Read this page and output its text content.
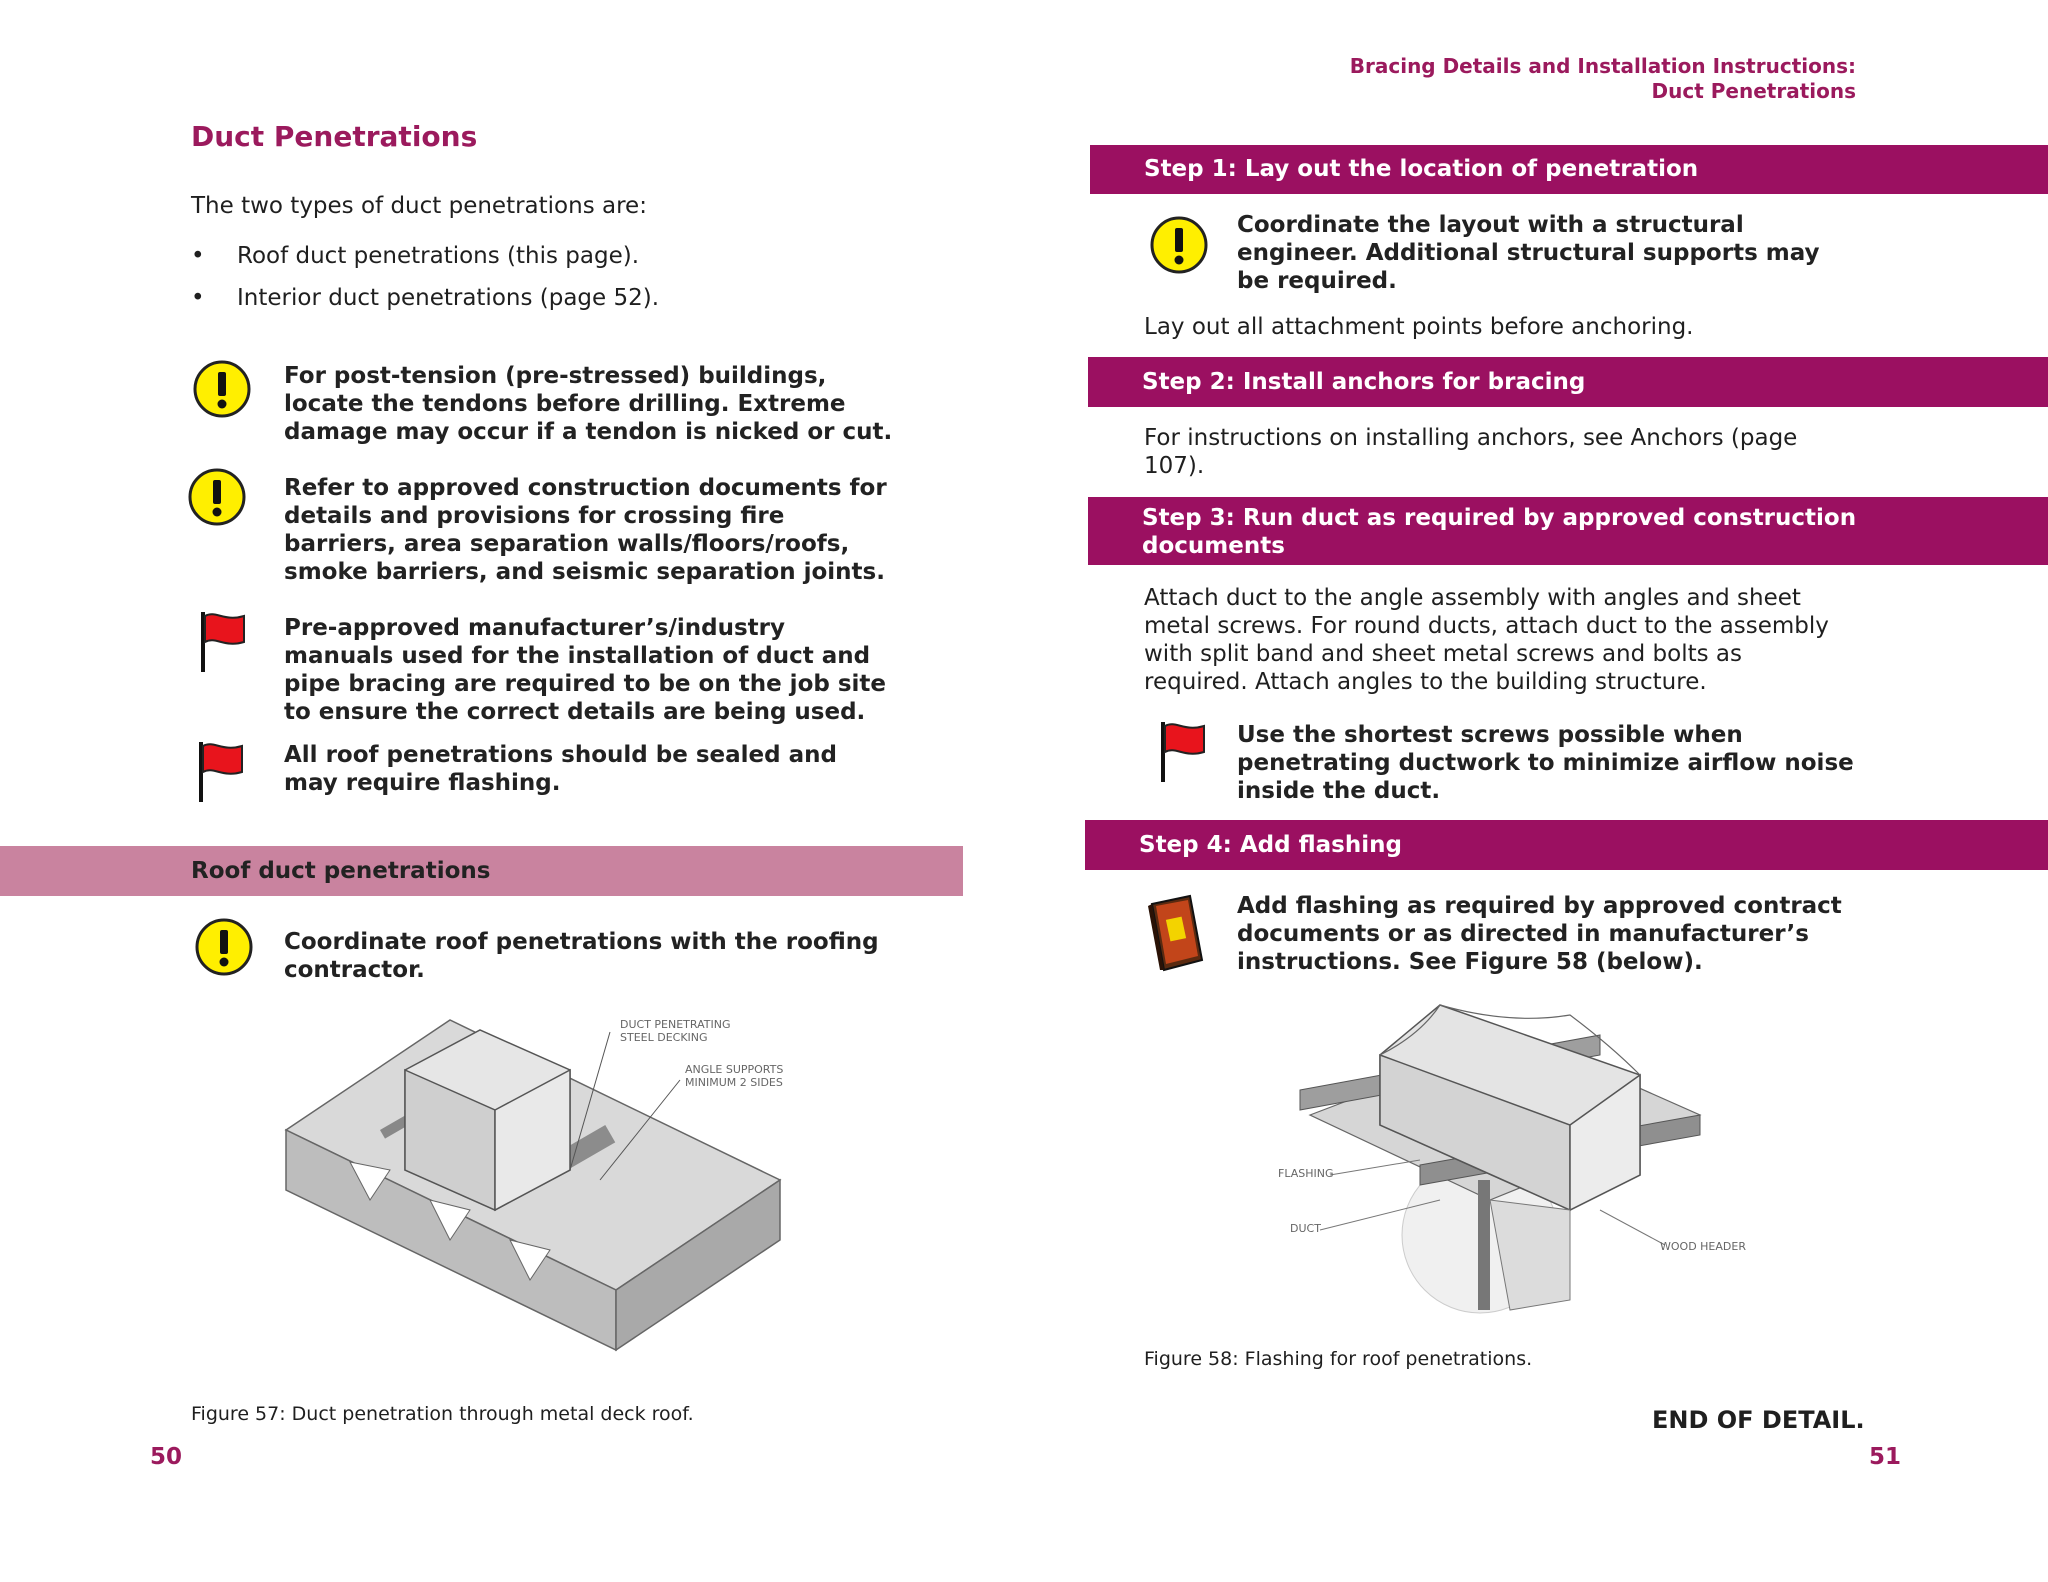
Bracing Details and Installation Instructions:
Duct Penetrations
Duct Penetrations
The two types of duct penetrations are:
• Roof duct penetrations (this page).
• Interior duct penetrations (page 52).
For post-tension (pre-stressed) buildings,
locate the tendons before drilling. Extreme
damage may occur if a tendon is nicked or cut.
Refer to approved construction documents for
details and provisions for crossing fire
barriers, area separation walls/floors/roofs,
smoke barriers, and seismic separation joints.
Pre-approved manufacturer’s/industry
manuals used for the installation of duct and
pipe bracing are required to be on the job site
to ensure the correct details are being used.
All roof penetrations should be sealed and
may require flashing.
Roof duct penetrations
Coordinate roof penetrations with the roofing
contractor.
DUCT PENETRATING
STEEL DECKING
ANGLE SUPPORTS
MINIMUM 2 SIDES
Figure 57: Duct penetration through metal deck roof.
50
Step 1: Lay out the location of penetration
Coordinate the layout with a structural
engineer. Additional structural supports may
be required.
Lay out all attachment points before anchoring.
Step 2: Install anchors for bracing
For instructions on installing anchors, see Anchors (page
107).
Step 3: Run duct as required by approved construction
documents
Attach duct to the angle assembly with angles and sheet
metal screws. For round ducts, attach duct to the assembly
with split band and sheet metal screws and bolts as
required. Attach angles to the building structure.
Use the shortest screws possible when
penetrating ductwork to minimize airflow noise
inside the duct.
Step 4: Add flashing
Add flashing as required by approved contract
documents or as directed in manufacturer’s
instructions. See Figure 58 (below).
FLASHING
DUCT
WOOD HEADER
Figure 58: Flashing for roof penetrations.
END OF DETAIL.
51
